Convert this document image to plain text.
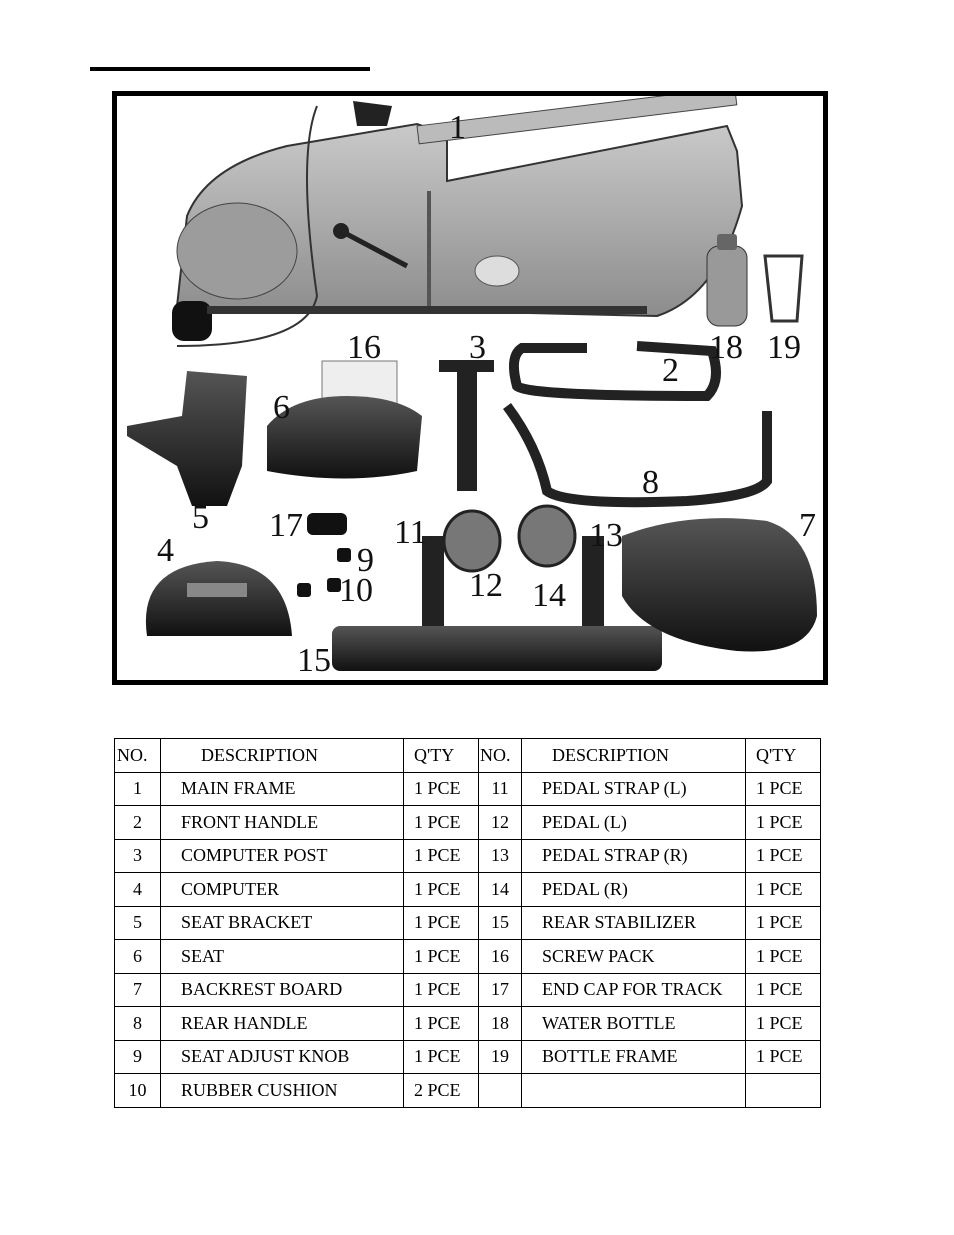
1
2
3
4
5
6
7
8
9
10
11
12
13
14
15
16
17
18 19
NO.	DESCRIPTION	Q'TY	NO.	DESCRIPTION	Q'TY
1	MAIN FRAME	1 PCE	11	PEDAL STRAP (L)	1 PCE
2	FRONT HANDLE	1 PCE	12	PEDAL (L)	1 PCE
3	COMPUTER POST	1 PCE	13	PEDAL STRAP (R)	1 PCE
4	COMPUTER	1 PCE	14	PEDAL (R)	1 PCE
5	SEAT BRACKET	1 PCE	15	REAR STABILIZER	1 PCE
6	SEAT	1 PCE	16	SCREW PACK	1 PCE
7	BACKREST BOARD	1 PCE	17	END CAP FOR TRACK	1 PCE
8	REAR HANDLE	1 PCE	18	WATER BOTTLE	1 PCE
9	SEAT ADJUST KNOB	1 PCE	19	BOTTLE FRAME	1 PCE
10	RUBBER CUSHION	2 PCE			
